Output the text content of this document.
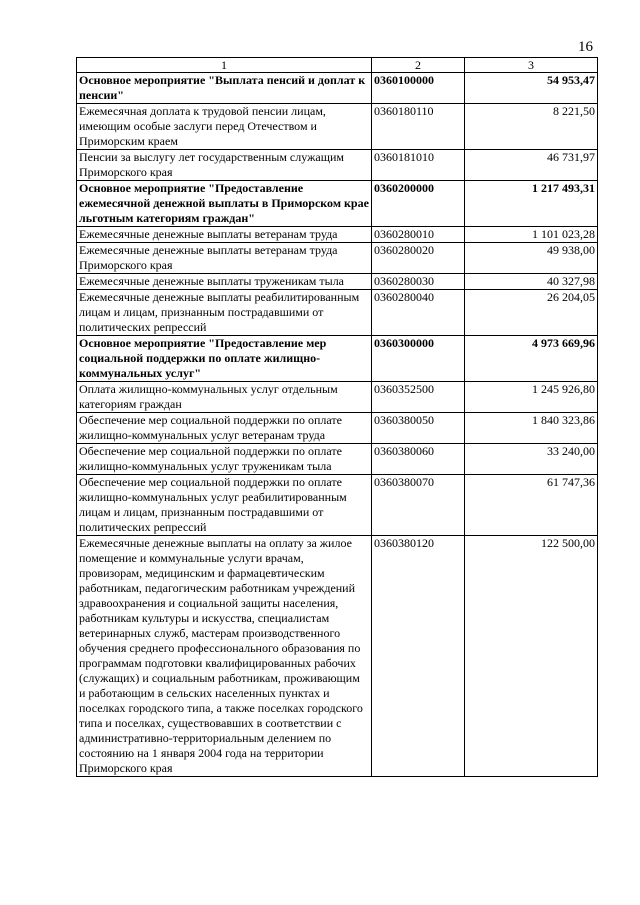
16
1	2	3
Основное мероприятие "Выплата пенсий и доплат к пенсии"	0360100000	54 953,47
Ежемесячная доплата к трудовой пенсии лицам, имеющим особые заслуги перед Отечеством и Приморским краем	0360180110	8 221,50
Пенсии за выслугу лет государственным служащим Приморского края	0360181010	46 731,97
Основное мероприятие "Предоставление ежемесячной денежной выплаты в Приморском крае льготным категориям граждан"	0360200000	1 217 493,31
Ежемесячные денежные выплаты ветеранам труда	0360280010	1 101 023,28
Ежемесячные денежные выплаты ветеранам труда Приморского края	0360280020	49 938,00
Ежемесячные денежные выплаты труженикам тыла	0360280030	40 327,98
Ежемесячные денежные выплаты реабилитированным лицам и лицам, признанным пострадавшими от политических репрессий	0360280040	26 204,05
Основное мероприятие "Предоставление мер социальной поддержки по оплате жилищно-коммунальных услуг"	0360300000	4 973 669,96
Оплата жилищно-коммунальных услуг отдельным категориям граждан	0360352500	1 245 926,80
Обеспечение мер социальной поддержки по оплате жилищно-коммунальных услуг ветеранам труда	0360380050	1 840 323,86
Обеспечение мер социальной поддержки по оплате жилищно-коммунальных услуг труженикам тыла	0360380060	33 240,00
Обеспечение мер социальной поддержки по оплате жилищно-коммунальных услуг реабилитированным лицам и лицам, признанным пострадавшими от политических репрессий	0360380070	61 747,36
Ежемесячные денежные выплаты на оплату за жилое помещение и коммунальные услуги врачам, провизорам, медицинским и фармацевтическим работникам, педагогическим работникам учреждений здравоохранения и социальной защиты населения, работникам культуры и искусства, специалистам ветеринарных служб, мастерам производственного обучения среднего профессионального образования по программам подготовки квалифицированных рабочих (служащих) и социальным работникам, проживающим и работающим в сельских населенных пунктах и поселках городского типа, а также поселках городского типа и поселках, существовавших в соответствии с административно-территориальным делением по состоянию на 1 января 2004 года на территории Приморского края	0360380120	122 500,00
